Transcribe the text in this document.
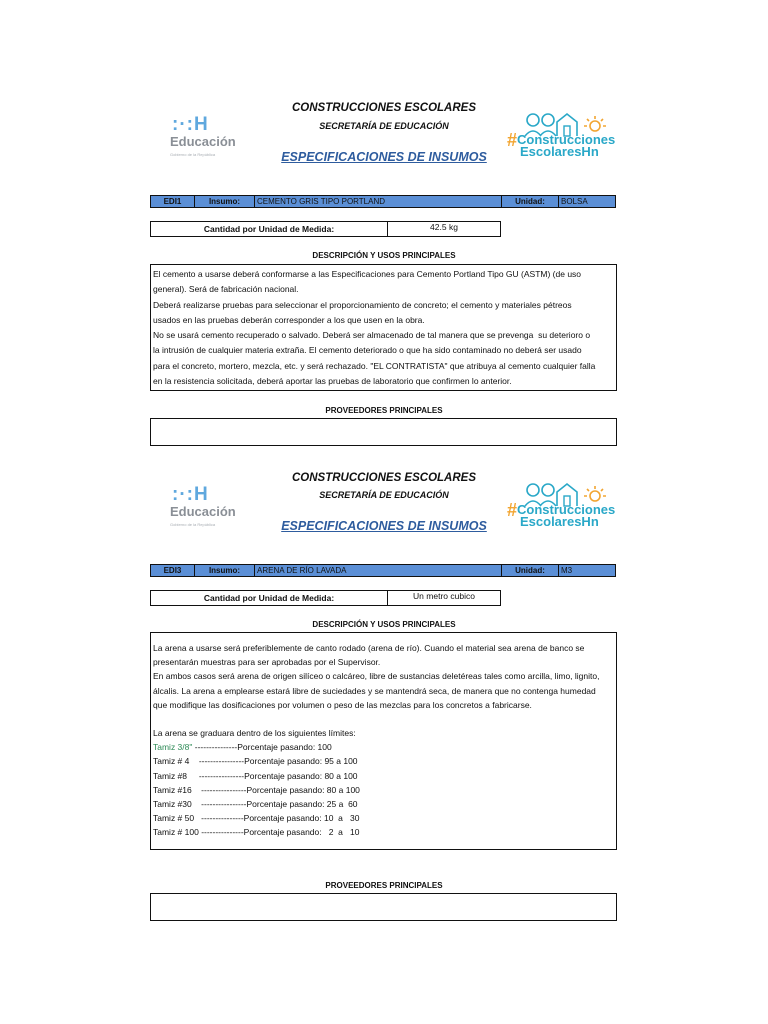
:·:H
Educación
Gobierno de la República
CONSTRUCCIONES ESCOLARES
SECRETARÍA DE EDUCACIÓN
ESPECIFICACIONES DE INSUMOS
#Construcciones
EscolaresHn
EDI1	Insumo:	CEMENTO GRIS TIPO PORTLAND	Unidad:	BOLSA
Cantidad por Unidad de Medida:	42.5 kg
DESCRIPCIÓN Y USOS PRINCIPALES

El cemento a usarse deberá conformarse a las Especificaciones para Cemento Portland Tipo GU (ASTM) (de uso

general). Será de fabricación nacional.

Deberá realizarse pruebas para seleccionar el proporcionamiento de concreto; el cemento y materiales pétreos

usados en las pruebas deberán corresponder a los que usen en la obra.

No se usará cemento recuperado o salvado. Deberá ser almacenado de tal manera que se prevenga  su deterioro o

la intrusión de cualquier materia extraña. El cemento deteriorado o que ha sido contaminado no deberá ser usado

para el concreto, mortero, mezcla, etc. y será rechazado. "EL CONTRATISTA" que atribuya al cemento cualquier falla

en la resistencia solicitada, deberá aportar las pruebas de laboratorio que confirmen lo anterior.

PROVEEDORES PRINCIPALES
:·:H
Educación
Gobierno de la República
CONSTRUCCIONES ESCOLARES
SECRETARÍA DE EDUCACIÓN
ESPECIFICACIONES DE INSUMOS
#Construcciones
EscolaresHn
EDI3	Insumo:	ARENA DE RÍO LAVADA	Unidad:	M3
Cantidad por Unidad de Medida:	Un metro cubico
DESCRIPCIÓN Y USOS PRINCIPALES

La arena a usarse será preferiblemente de canto rodado (arena de río). Cuando el material sea arena de banco se

presentarán muestras para ser aprobadas por el Supervisor.

En ambos casos será arena de origen silíceo o calcáreo, libre de sustancias deletéreas tales como arcilla, limo, lignito,

álcalis. La arena a emplearse estará libre de suciedades y se mantendrá seca, de manera que no contenga humedad

que modifique las dosificaciones por volumen o peso de las mezclas para los concretos a fabricarse.

La arena se graduara dentro de los siguientes límites:

Tamiz 3/8" ---------------Porcentaje pasando: 100

Tamiz # 4    ----------------Porcentaje pasando: 95 a 100

Tamiz #8     ----------------Porcentaje pasando: 80 a 100

Tamiz #16    ----------------Porcentaje pasando: 80 a 100

Tamiz #30    ----------------Porcentaje pasando: 25 a  60

Tamiz # 50   ---------------Porcentaje pasando: 10  a   30

Tamiz # 100 ---------------Porcentaje pasando:   2  a   10

PROVEEDORES PRINCIPALES
